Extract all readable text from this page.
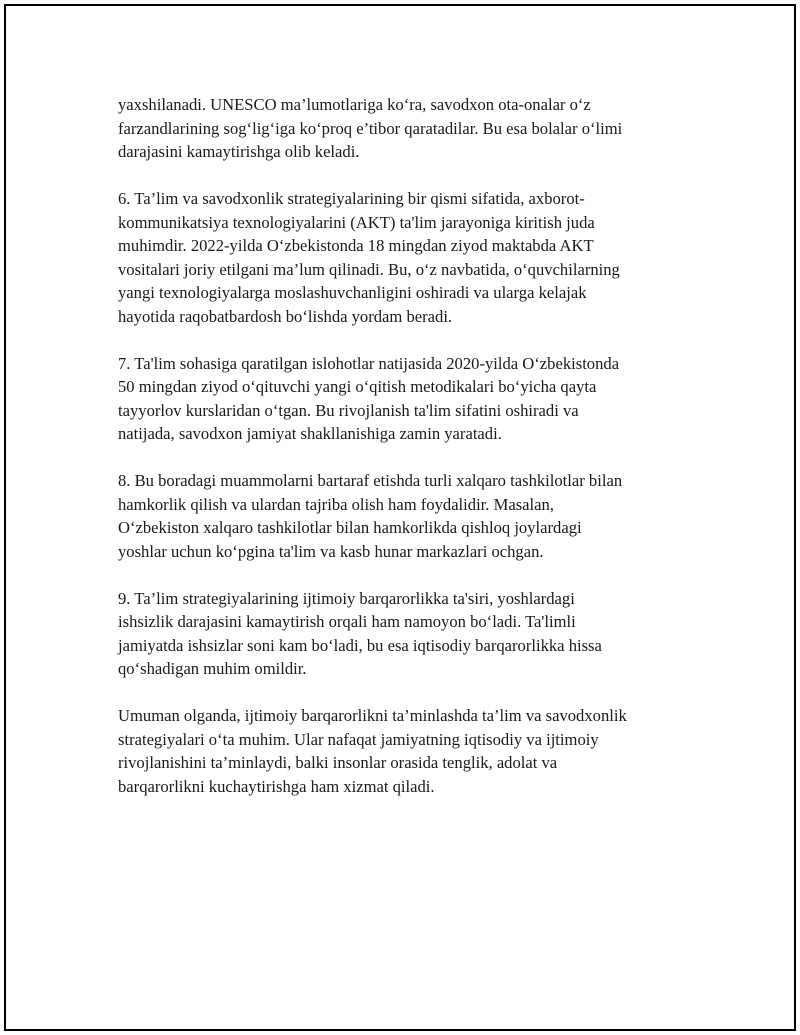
yaxshilanadi. UNESCO ma’lumotlariga koʻra, savodxon ota-onalar oʻz
farzandlarining sogʻligʻiga koʻproq e’tibor qaratadilar. Bu esa bolalar oʻlimi
darajasini kamaytirishga olib keladi.

6. Ta’lim va savodxonlik strategiyalarining bir qismi sifatida, axborot-
kommunikatsiya texnologiyalarini (AKT) ta'lim jarayoniga kiritish juda
muhimdir. 2022-yilda Oʻzbekistonda 18 mingdan ziyod maktabda AKT
vositalari joriy etilgani ma’lum qilinadi. Bu, oʻz navbatida, oʻquvchilarning
yangi texnologiyalarga moslashuvchanligini oshiradi va ularga kelajak
hayotida raqobatbardosh boʻlishda yordam beradi.

7. Ta'lim sohasiga qaratilgan islohotlar natijasida 2020-yilda Oʻzbekistonda
50 mingdan ziyod oʻqituvchi yangi oʻqitish metodikalari boʻyicha qayta
tayyorlov kurslaridan oʻtgan. Bu rivojlanish ta'lim sifatini oshiradi va
natijada, savodxon jamiyat shakllanishiga zamin yaratadi.

8. Bu boradagi muammolarni bartaraf etishda turli xalqaro tashkilotlar bilan
hamkorlik qilish va ulardan tajriba olish ham foydalidir. Masalan,
Oʻzbekiston xalqaro tashkilotlar bilan hamkorlikda qishloq joylardagi
yoshlar uchun koʻpgina ta'lim va kasb hunar markazlari ochgan.

9. Ta’lim strategiyalarining ijtimoiy barqarorlikka ta'siri, yoshlardagi
ishsizlik darajasini kamaytirish orqali ham namoyon boʻladi. Ta'limli
jamiyatda ishsizlar soni kam boʻladi, bu esa iqtisodiy barqarorlikka hissa
qoʻshadigan muhim omildir.

Umuman olganda, ijtimoiy barqarorlikni ta’minlashda ta’lim va savodxonlik
strategiyalari oʻta muhim. Ular nafaqat jamiyatning iqtisodiy va ijtimoiy
rivojlanishini ta’minlaydi, balki insonlar orasida tenglik, adolat va
barqarorlikni kuchaytirishga ham xizmat qiladi.
